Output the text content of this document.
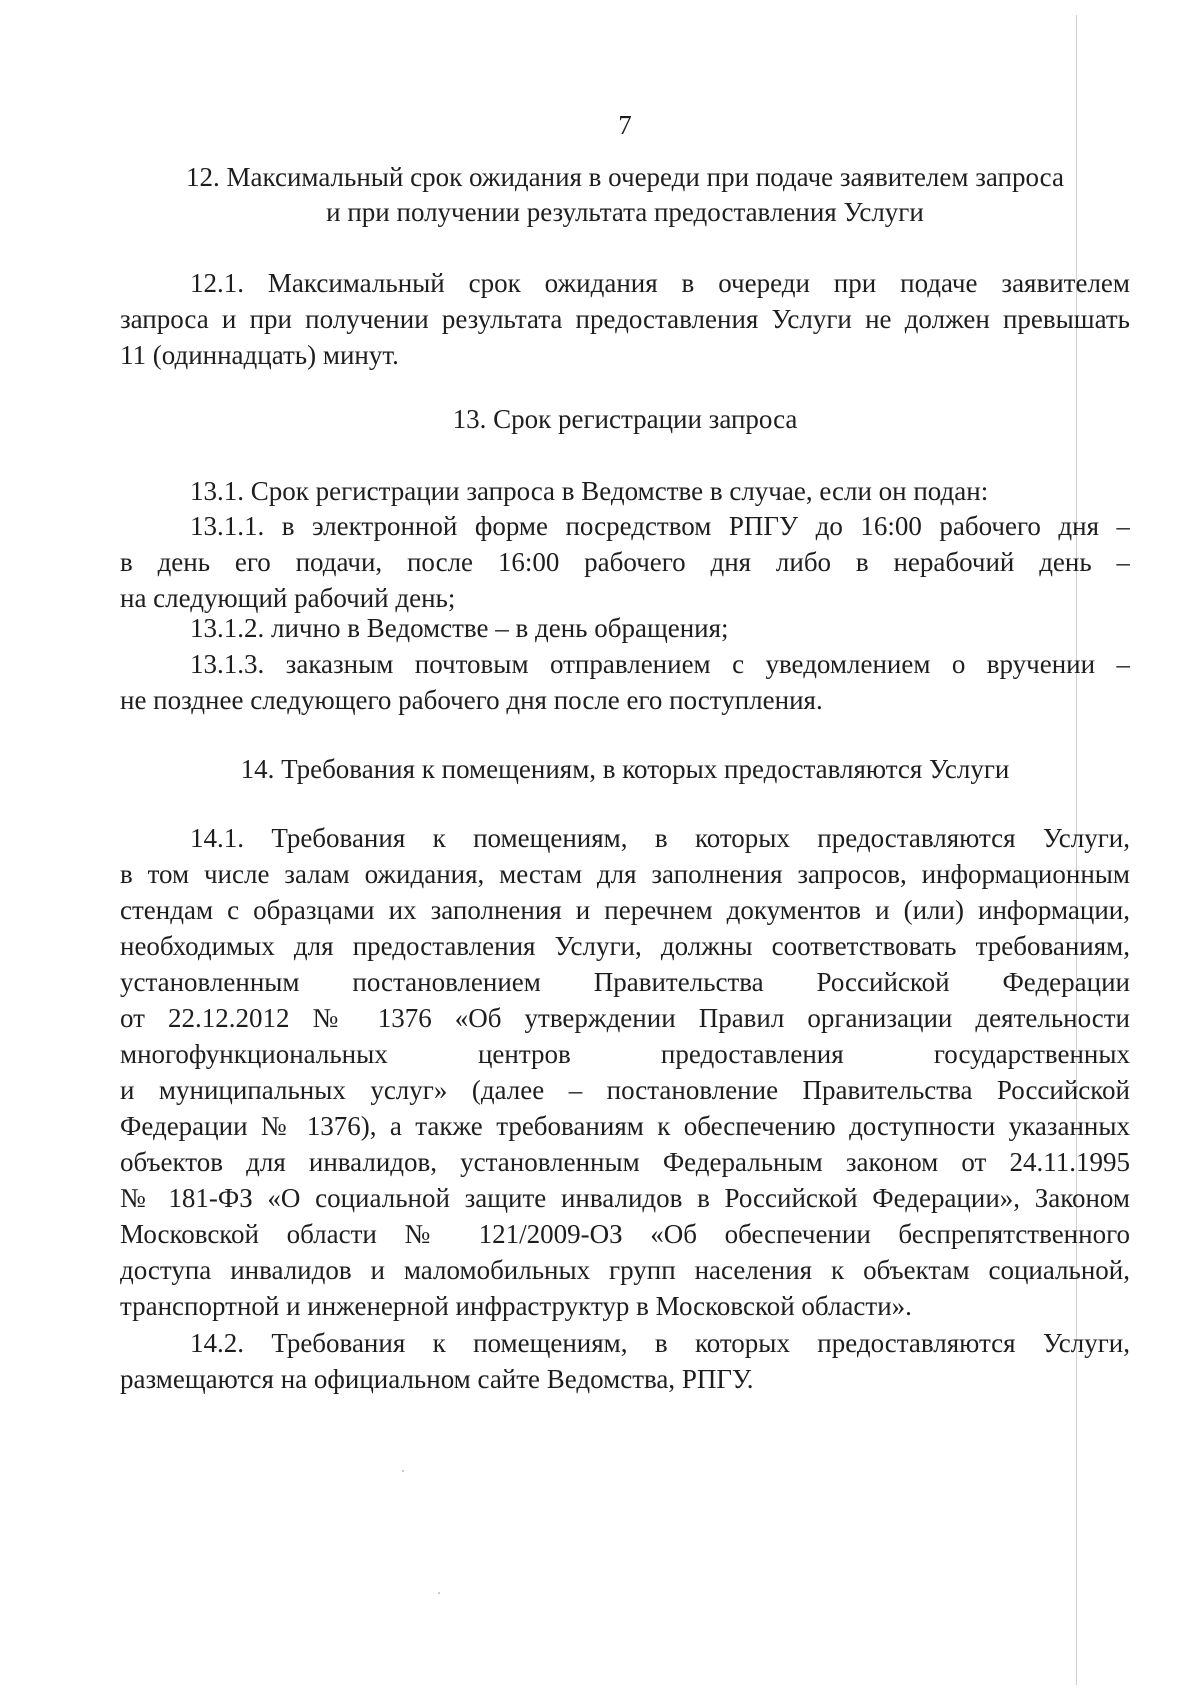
7
12. Максимальный срок ожидания в очереди при подаче заявителем запроса
и при получении результата предоставления Услуги
12.1. Максимальный срок ожидания в очереди при подаче заявителем
запроса и при получении результата предоставления Услуги не должен превышать
11 (одиннадцать) минут.
13. Срок регистрации запроса
13.1. Срок регистрации запроса в Ведомстве в случае, если он подан:
13.1.1. в электронной форме посредством РПГУ до 16:00 рабочего дня –
в день его подачи, после 16:00 рабочего дня либо в нерабочий день –
на следующий рабочий день;
13.1.2. лично в Ведомстве – в день обращения;
13.1.3. заказным почтовым отправлением с уведомлением о вручении –
не позднее следующего рабочего дня после его поступления.
14. Требования к помещениям, в которых предоставляются Услуги
14.1. Требования к помещениям, в которых предоставляются Услуги,
в том числе залам ожидания, местам для заполнения запросов, информационным
стендам с образцами их заполнения и перечнем документов и (или) информации,
необходимых для предоставления Услуги, должны соответствовать требованиям,
установленным постановлением Правительства Российской Федерации
от 22.12.2012 № 1376 «Об утверждении Правил организации деятельности
многофункциональных центров предоставления государственных
и муниципальных услуг» (далее – постановление Правительства Российской
Федерации № 1376), а также требованиям к обеспечению доступности указанных
объектов для инвалидов, установленным Федеральным законом от 24.11.1995
№ 181-ФЗ «О социальной защите инвалидов в Российской Федерации», Законом
Московской области № 121/2009-ОЗ «Об обеспечении беспрепятственного
доступа инвалидов и маломобильных групп населения к объектам социальной,
транспортной и инженерной инфраструктур в Московской области».
14.2. Требования к помещениям, в которых предоставляются Услуги,
размещаются на официальном сайте Ведомства, РПГУ.
